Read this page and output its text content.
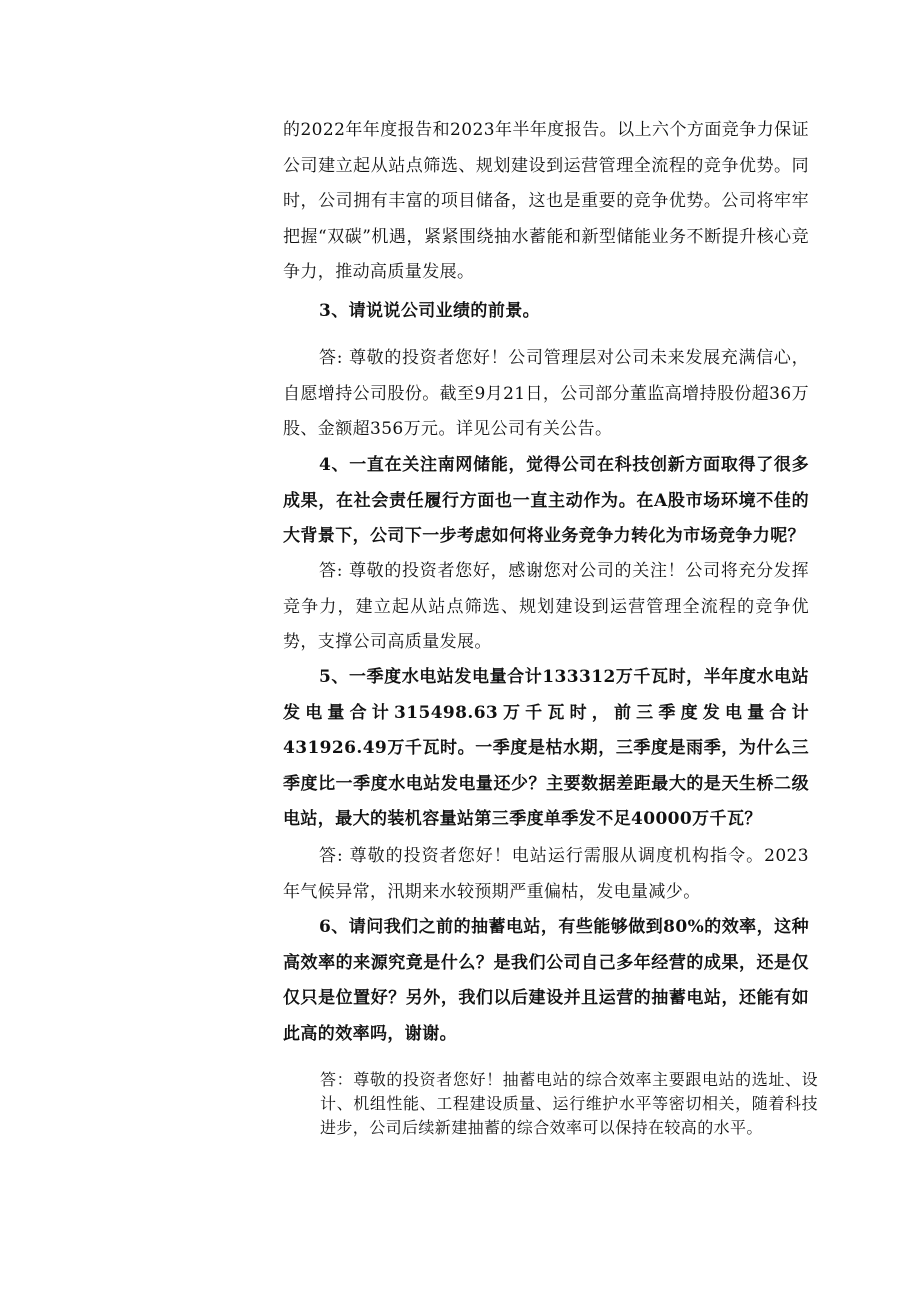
的2022年年度报告和2023年半年度报告。以上六个方面竞争力保证公司建立起从站点筛选、规划建设到运营管理全流程的竞争优势。同时，公司拥有丰富的项目储备，这也是重要的竞争优势。公司将牢牢把握“双碳”机遇，紧紧围绕抽水蓄能和新型储能业务不断提升核心竞争力，推动高质量发展。

3、请说说公司业绩的前景。

答: 尊敬的投资者您好！公司管理层对公司未来发展充满信心，自愿增持公司股份。截至9月21日，公司部分董监高增持股份超36万股、金额超356万元。详见公司有关公告。

4、一直在关注南网储能，觉得公司在科技创新方面取得了很多成果，在社会责任履行方面也一直主动作为。在A股市场环境不佳的大背景下，公司下一步考虑如何将业务竞争力转化为市场竞争力呢？

答: 尊敬的投资者您好，感谢您对公司的关注！公司将充分发挥竞争力，建立起从站点筛选、规划建设到运营管理全流程的竞争优势，支撑公司高质量发展。

5、一季度水电站发电量合计133312万千瓦时，半年度水电站发电量合计315498.63万千瓦时，前三季度发电量合计431926.49万千瓦时。一季度是枯水期，三季度是雨季，为什么三季度比一季度水电站发电量还少？主要数据差距最大的是天生桥二级电站，最大的装机容量站第三季度单季发不足40000万千瓦？

答: 尊敬的投资者您好！电站运行需服从调度机构指令。2023年气候异常，汛期来水较预期严重偏枯，发电量减少。

6、请问我们之前的抽蓄电站，有些能够做到80%的效率，这种高效率的来源究竟是什么？是我们公司自己多年经营的成果，还是仅仅只是位置好？另外，我们以后建设并且运营的抽蓄电站，还能有如此高的效率吗，谢谢。

答：尊敬的投资者您好！抽蓄电站的综合效率主要跟电站的选址、设计、机组性能、工程建设质量、运行维护水平等密切相关，随着科技进步，公司后续新建抽蓄的综合效率可以保持在较高的水平。
